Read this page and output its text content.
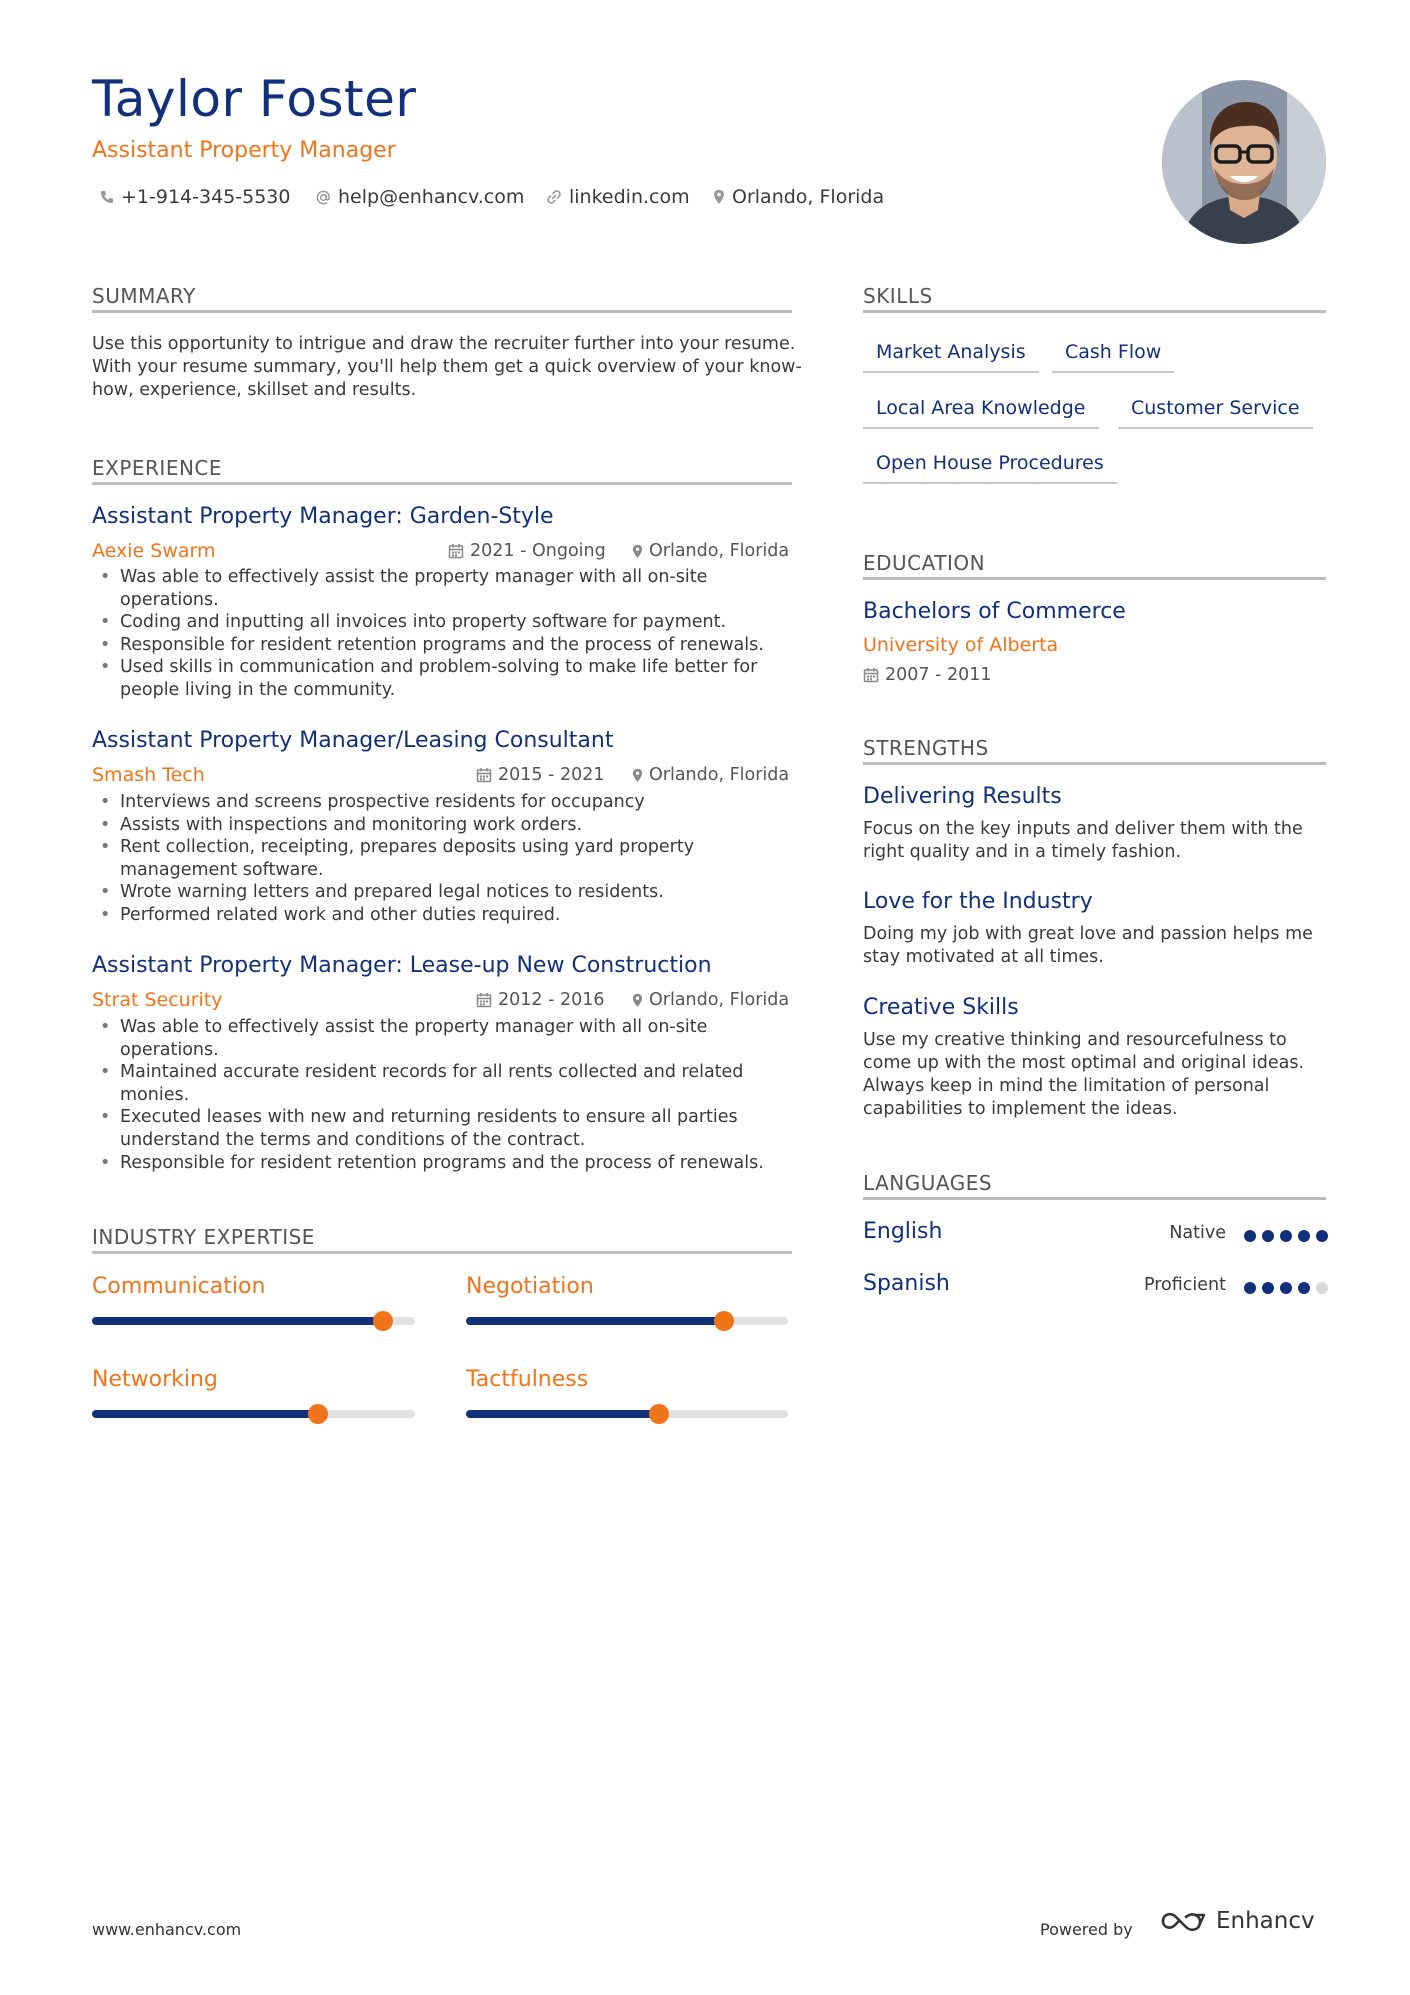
Taylor Foster
Assistant Property Manager
+1-914-345-5530	help@enhancv.com linkedin.com Orlando, Florida
SUMMARY
Use this opportunity to intrigue and draw the recruiter further into your resume.
With your resume summary, you'll help them get a quick overview of your know-
how, experience, skillset and results.
EXPERIENCE
Assistant Property Manager: Garden-Style
Aexie Swarm	2021 - Ongoing Orlando, Florida
• Was able to effectively assist the property manager with all on-site
operations.
• Coding and inputting all invoices into property software for payment.
• Responsible for resident retention programs and the process of renewals.
• Used skills in communication and problem-solving to make life better for
people living in the community.
Assistant Property Manager/Leasing Consultant
Smash Tech	2015 - 2021	Orlando, Florida
• Interviews and screens prospective residents for occupancy
• Assists with inspections and monitoring work orders.
• Rent collection, receipting, prepares deposits using yard property
management software.
• Wrote warning letters and prepared legal notices to residents.
• Performed related work and other duties required.
Assistant Property Manager: Lease-up New Construction
Strat Security	2012 - 2016	Orlando, Florida
• Was able to effectively assist the property manager with all on-site
operations.
• Maintained accurate resident records for all rents collected and related
monies.
• Executed leases with new and returning residents to ensure all parties
understand the terms and conditions of the contract.
• Responsible for resident retention programs and the process of renewals.
INDUSTRY EXPERTISE
Communication	Negotiation
Networking	Tactfulness
SKILLS
Market Analysis	Cash Flow
Local Area Knowledge	Customer Service
Open House Procedures
EDUCATION
Bachelors of Commerce
University of Alberta
2007 - 2011
STRENGTHS
Delivering Results
Focus on the key inputs and deliver them with the
right quality and in a timely fashion.
Love for the Industry
Doing my job with great love and passion helps me
stay motivated at all times.
Creative Skills
Use my creative thinking and resourcefulness to
come up with the most optimal and original ideas.
Always keep in mind the limitation of personal
capabilities to implement the ideas.
LANGUAGES
English	Native
Spanish	Proficient
www.enhancv.com	Powered by	Enhancv
